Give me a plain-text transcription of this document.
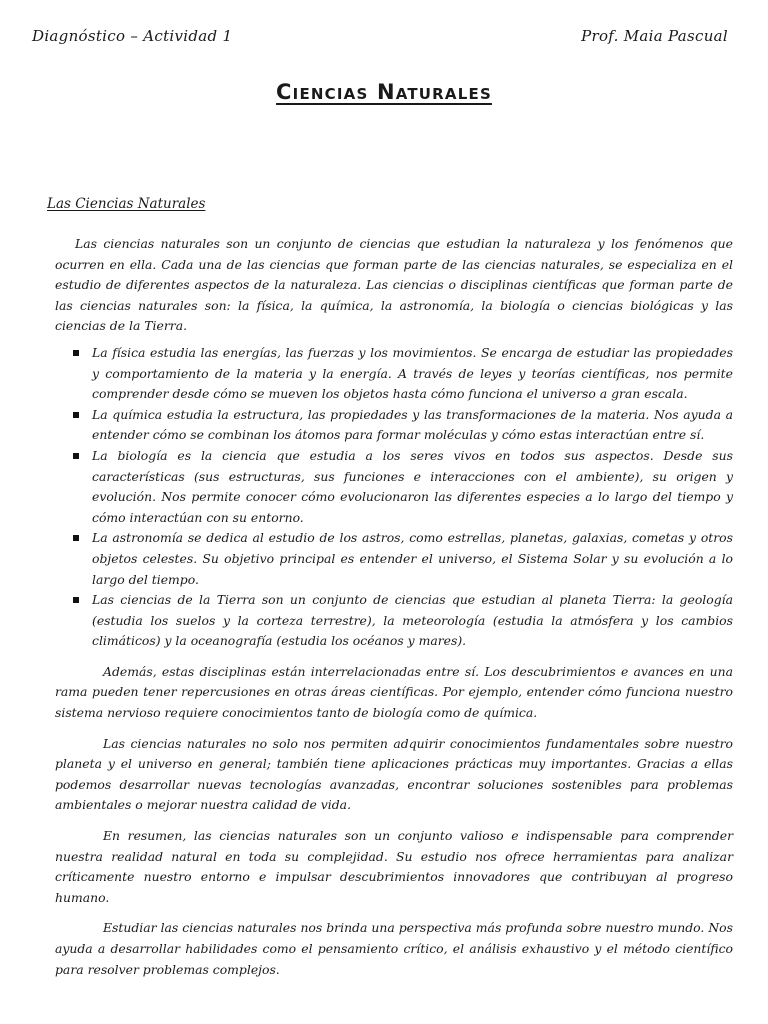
Diagnóstico – Actividad 1	Prof. Maia Pascual
Ciencias Naturales
Las Ciencias Naturales

Las ciencias naturales son un conjunto de ciencias que estudian la naturaleza y los fenómenos que ocurren en ella. Cada una de las ciencias que forman parte de las ciencias naturales, se especializa en el estudio de diferentes aspectos de la naturaleza. Las ciencias o disciplinas científicas que forman parte de las ciencias naturales son: la física, la química, la astronomía, la biología o ciencias biológicas y las ciencias de la Tierra.

La física estudia las energías, las fuerzas y los movimientos. Se encarga de estudiar las propiedades y comportamiento de la materia y la energía. A través de leyes y teorías científicas, nos permite comprender desde cómo se mueven los objetos hasta cómo funciona el universo a gran escala.
La química estudia la estructura, las propiedades y las transformaciones de la materia. Nos ayuda a entender cómo se combinan los átomos para formar moléculas y cómo estas interactúan entre sí.
La biología es la ciencia que estudia a los seres vivos en todos sus aspectos. Desde sus características (sus estructuras, sus funciones e interacciones con el ambiente), su origen y evolución. Nos permite conocer cómo evolucionaron las diferentes especies a lo largo del tiempo y cómo interactúan con su entorno.
La astronomía se dedica al estudio de los astros, como estrellas, planetas, galaxias, cometas y otros objetos celestes. Su objetivo principal es entender el universo, el Sistema Solar y su evolución a lo largo del tiempo.
Las ciencias de la Tierra son un conjunto de ciencias que estudian al planeta Tierra: la geología (estudia los suelos y la corteza terrestre), la meteorología (estudia la atmósfera y los cambios climáticos) y la oceanografía (estudia los océanos y mares).

Además, estas disciplinas están interrelacionadas entre sí. Los descubrimientos e avances en una rama pueden tener repercusiones en otras áreas científicas. Por ejemplo, entender cómo funciona nuestro sistema nervioso requiere conocimientos tanto de biología como de química.

Las ciencias naturales no solo nos permiten adquirir conocimientos fundamentales sobre nuestro planeta y el universo en general; también tiene aplicaciones prácticas muy importantes. Gracias a ellas podemos desarrollar nuevas tecnologías avanzadas, encontrar soluciones sostenibles para problemas ambientales o mejorar nuestra calidad de vida.

En resumen, las ciencias naturales son un conjunto valioso e indispensable para comprender nuestra realidad natural en toda su complejidad. Su estudio nos ofrece herramientas para analizar críticamente nuestro entorno e impulsar descubrimientos innovadores que contribuyan al progreso humano.

Estudiar las ciencias naturales nos brinda una perspectiva más profunda sobre nuestro mundo. Nos ayuda a desarrollar habilidades como el pensamiento crítico, el análisis exhaustivo y el método científico para resolver problemas complejos.
